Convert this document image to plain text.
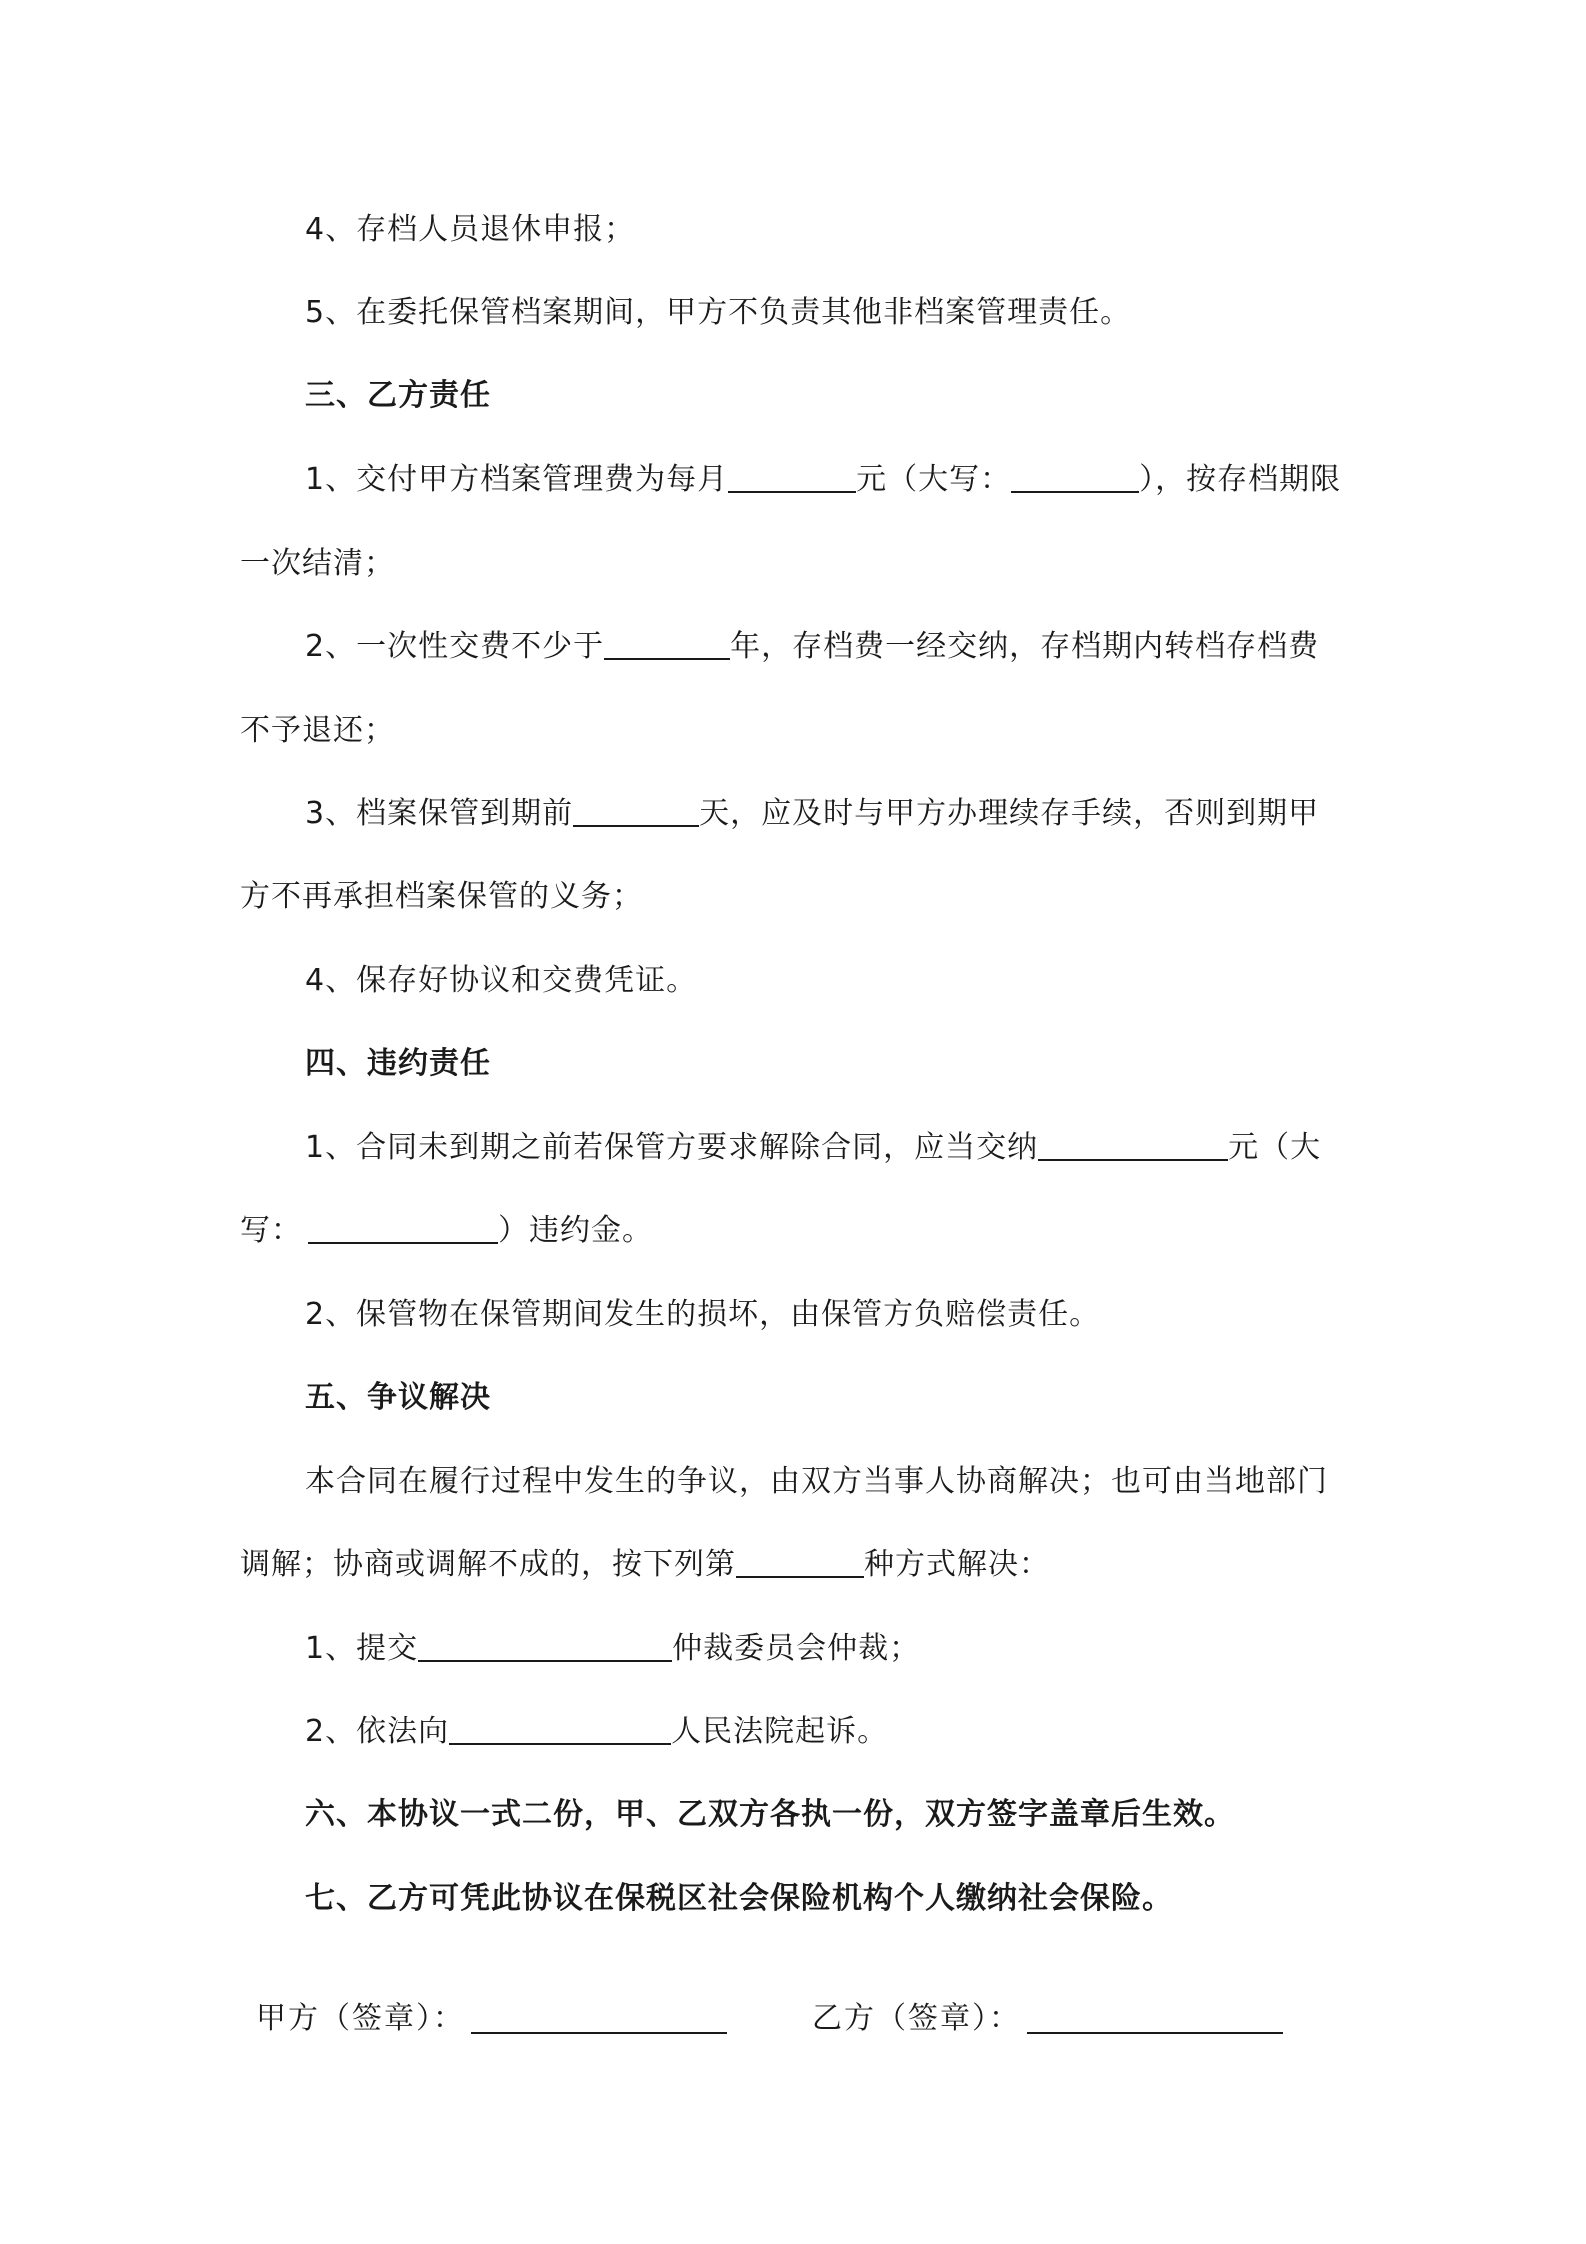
4、存档人员退休申报；
5、在委托保管档案期间，甲方不负责其他非档案管理责任。
三、乙方责任
1、交付甲方档案管理费为每月	元（大写：	），按存档期限
一次结清；
2、一次性交费不少于	年，存档费一经交纳，存档期内转档存档费
不予退还；
3、档案保管到期前	天，应及时与甲方办理续存手续，否则到期甲
方不再承担档案保管的义务；
4、保存好协议和交费凭证。
四、违约责任
1、合同未到期之前若保管方要求解除合同，应当交纳	元（大
写：	）违约金。
2、保管物在保管期间发生的损坏，由保管方负赔偿责任。
五、争议解决
本合同在履行过程中发生的争议，由双方当事人协商解决；也可由当地部门
调解；协商或调解不成的，按下列第	种方式解决：
1、提交	仲裁委员会仲裁；
2、依法向	人民法院起诉。
六、本协议一式二份，甲、乙双方各执一份，双方签字盖章后生效。
七、乙方可凭此协议在保税区社会保险机构个人缴纳社会保险。
甲方（签章）：	乙方（签章）：
